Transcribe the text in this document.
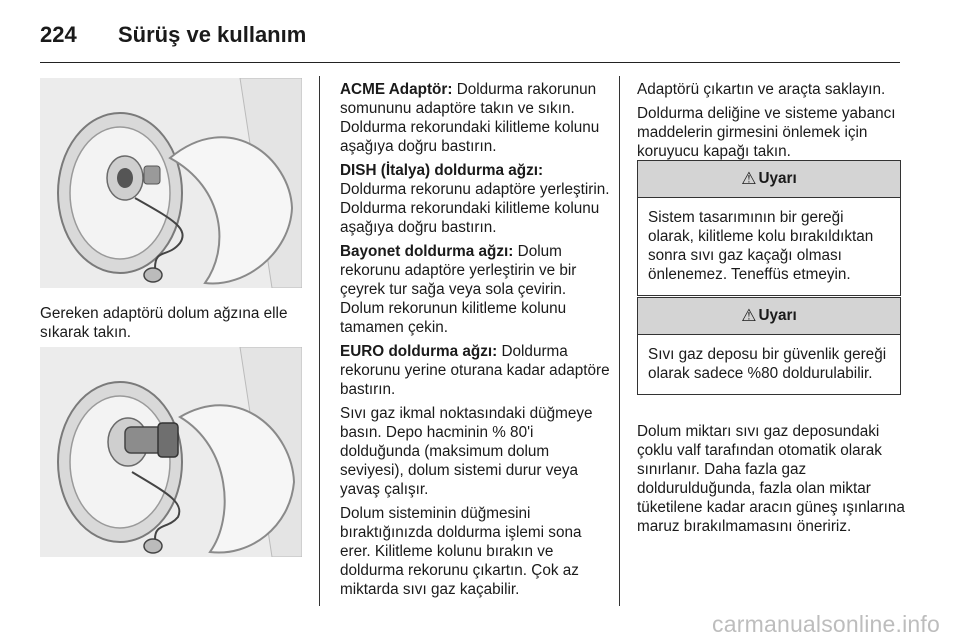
224 Sürüş ve kullanım
Gereken adaptörü dolum ağzına elle sıkarak takın.

ACME Adaptör: Doldurma rakorunun somununu adaptöre takın ve sıkın. Doldurma rekorundaki kilitleme kolunu aşağıya doğru bastırın.

DISH (İtalya) doldurma ağzı: Doldurma rekorunu adaptöre yerleştirin. Doldurma rekorundaki kilitleme kolunu aşağıya doğru bastırın.

Bayonet doldurma ağzı: Dolum rekorunu adaptöre yerleştirin ve bir çeyrek tur sağa veya sola çevirin. Dolum rekorunun kilitleme kolunu tamamen çekin.

EURO doldurma ağzı: Doldurma rekorunu yerine oturana kadar adaptöre bastırın.

Sıvı gaz ikmal noktasındaki düğmeye basın. Depo hacminin % 80'i dolduğunda (maksimum dolum seviyesi), dolum sistemi durur veya yavaş çalışır.

Dolum sisteminin düğmesini bıraktığınızda doldurma işlemi sona erer. Kilitleme kolunu bırakın ve doldurma rekorunu çıkartın. Çok az miktarda sıvı gaz kaçabilir.

Adaptörü çıkartın ve araçta saklayın.

Doldurma deliğine ve sisteme yabancı maddelerin girmesini önlemek için koruyucu kapağı takın.

⚠ Uyarı
Sistem tasarımının bir gereği olarak, kilitleme kolu bırakıldıktan sonra sıvı gaz kaçağı olması önlenemez. Teneffüs etmeyin.
⚠ Uyarı
Sıvı gaz deposu bir güvenlik gereği olarak sadece %80 doldurulabilir.

Dolum miktarı sıvı gaz deposundaki çoklu valf tarafından otomatik olarak sınırlanır. Daha fazla gaz doldurulduğunda, fazla olan miktar tüketilene kadar aracın güneş ışınlarına maruz bırakılmamasını öneririz.

carmanualsonline.info
